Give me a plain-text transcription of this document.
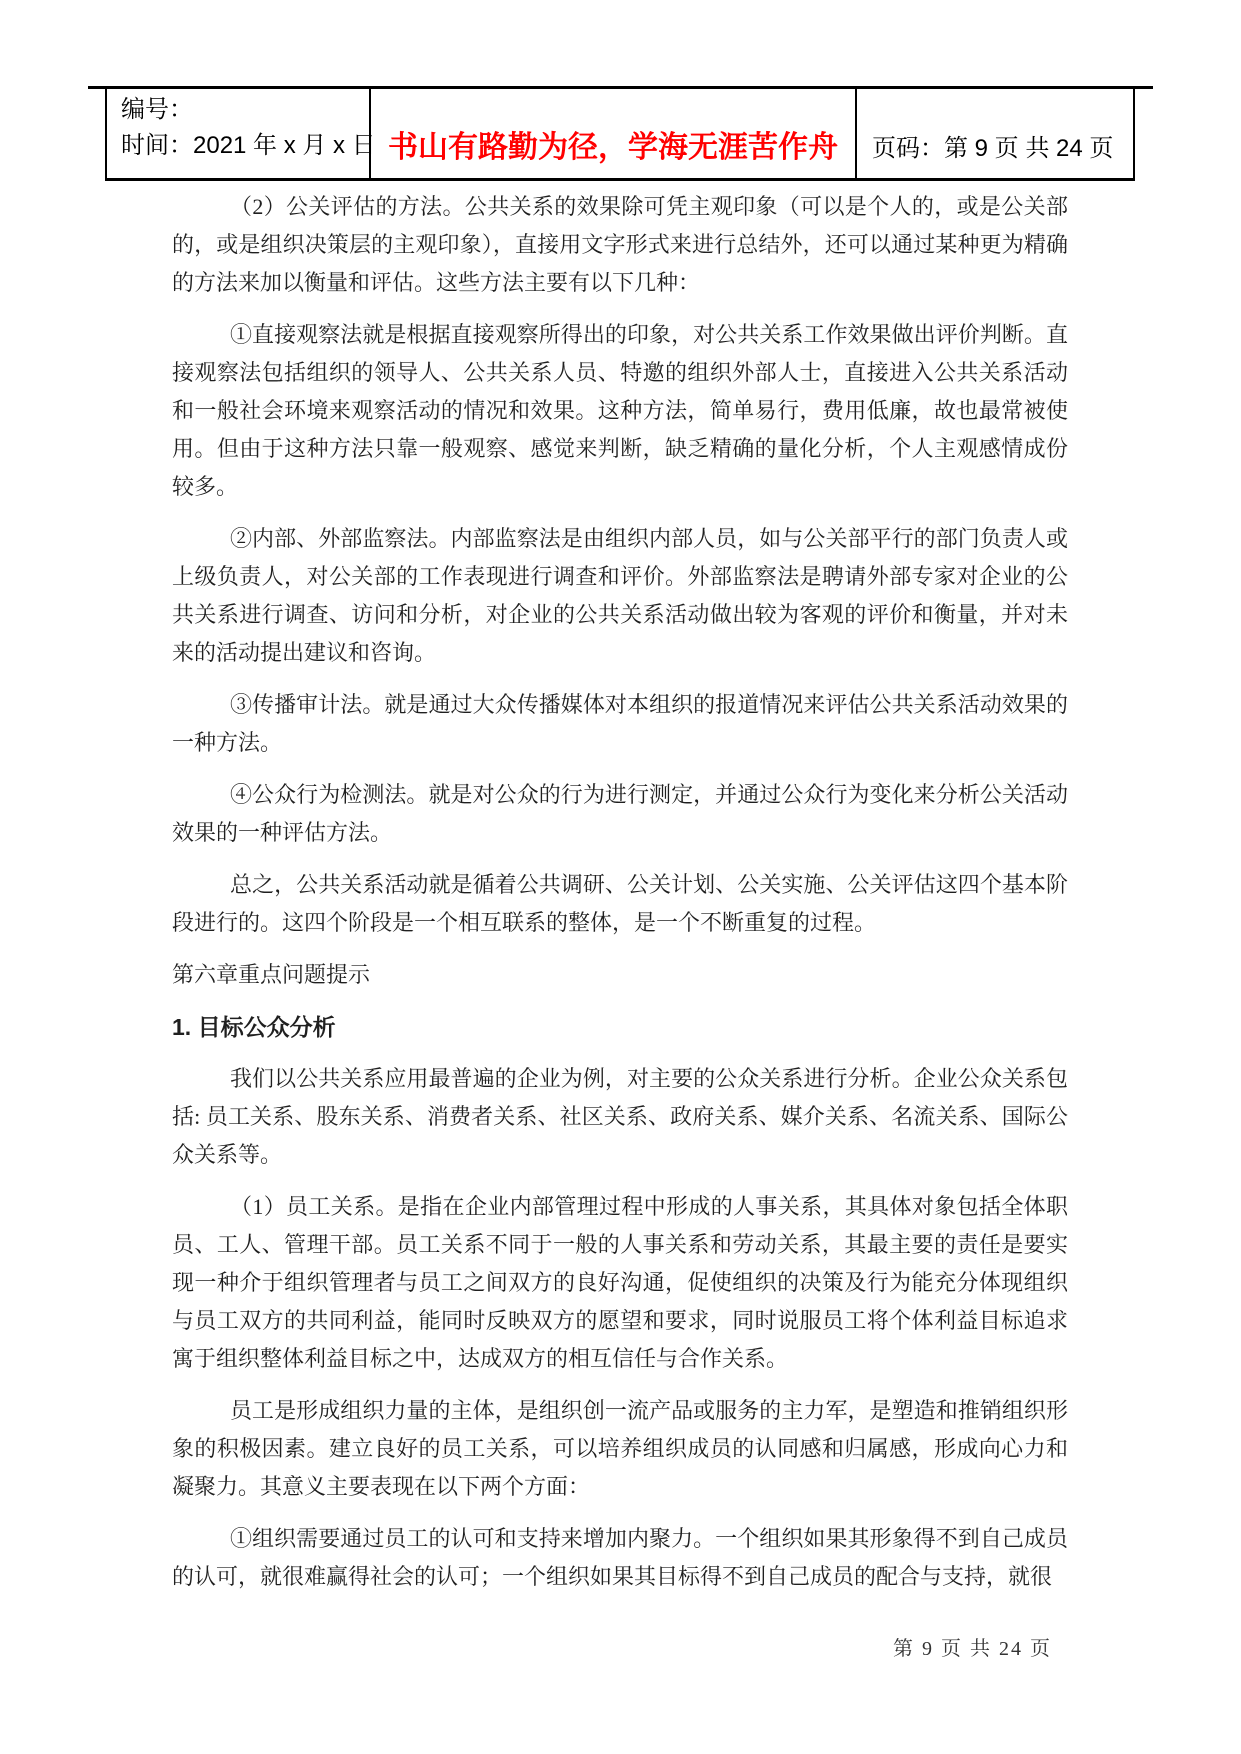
编号：
时间：2021 年 x 月 x 日 书山有路勤为径，学海无涯苦作舟 页码：第 9 页 共 24 页

（2）公关评估的方法。公共关系的效果除可凭主观印象（可以是个人的，或是公关部的，或是组织决策层的主观印象），直接用文字形式来进行总结外，还可以通过某种更为精确的方法来加以衡量和评估。这些方法主要有以下几种：

①直接观察法就是根据直接观察所得出的印象，对公共关系工作效果做出评价判断。直接观察法包括组织的领导人、公共关系人员、特邀的组织外部人士，直接进入公共关系活动和一般社会环境来观察活动的情况和效果。这种方法，简单易行，费用低廉，故也最常被使用。但由于这种方法只靠一般观察、感觉来判断，缺乏精确的量化分析，个人主观感情成份较多。

②内部、外部监察法。内部监察法是由组织内部人员，如与公关部平行的部门负责人或上级负责人，对公关部的工作表现进行调查和评价。外部监察法是聘请外部专家对企业的公共关系进行调查、访问和分析，对企业的公共关系活动做出较为客观的评价和衡量，并对未来的活动提出建议和咨询。

③传播审计法。就是通过大众传播媒体对本组织的报道情况来评估公共关系活动效果的一种方法。

④公众行为检测法。就是对公众的行为进行测定，并通过公众行为变化来分析公关活动效果的一种评估方法。

总之，公共关系活动就是循着公共调研、公关计划、公关实施、公关评估这四个基本阶段进行的。这四个阶段是一个相互联系的整体，是一个不断重复的过程。

第六章重点问题提示

1. 目标公众分析

我们以公共关系应用最普遍的企业为例，对主要的公众关系进行分析。企业公众关系包括: 员工关系、股东关系、消费者关系、社区关系、政府关系、媒介关系、名流关系、国际公众关系等。

（1）员工关系。是指在企业内部管理过程中形成的人事关系，其具体对象包括全体职员、工人、管理干部。员工关系不同于一般的人事关系和劳动关系，其最主要的责任是要实现一种介于组织管理者与员工之间双方的良好沟通，促使组织的决策及行为能充分体现组织与员工双方的共同利益，能同时反映双方的愿望和要求，同时说服员工将个体利益目标追求寓于组织整体利益目标之中，达成双方的相互信任与合作关系。

员工是形成组织力量的主体，是组织创一流产品或服务的主力军，是塑造和推销组织形象的积极因素。建立良好的员工关系，可以培养组织成员的认同感和归属感，形成向心力和凝聚力。其意义主要表现在以下两个方面：

①组织需要通过员工的认可和支持来增加内聚力。一个组织如果其形象得不到自己成员的认可，就很难赢得社会的认可；一个组织如果其目标得不到自己成员的配合与支持，就很

第 9 页 共 24 页
